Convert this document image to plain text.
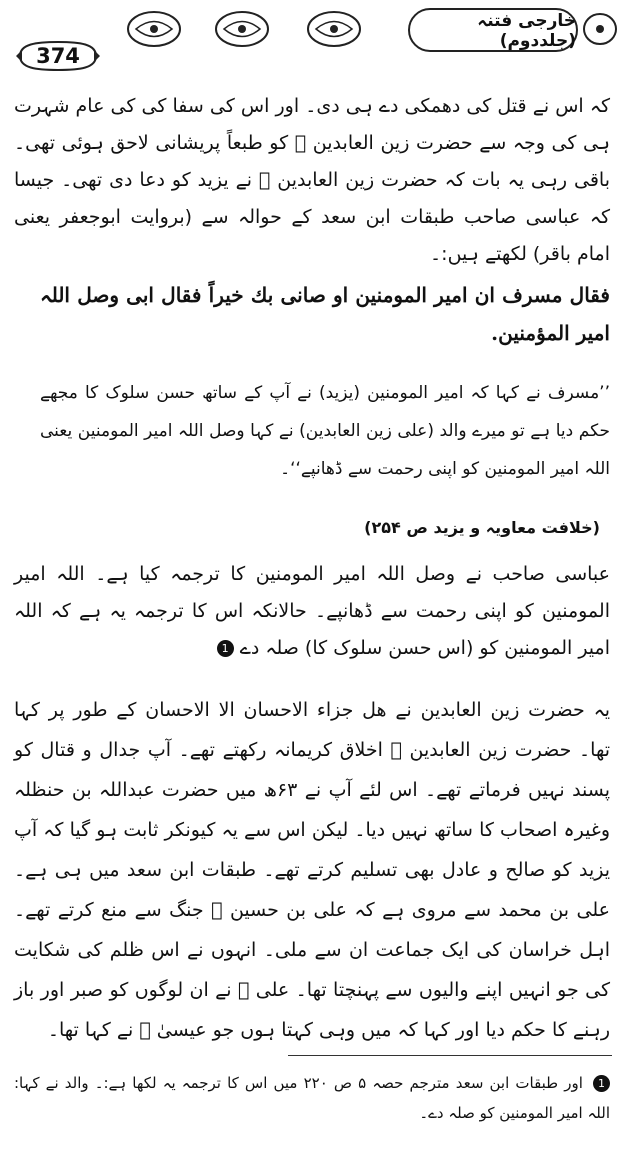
خارجی فتنہ (جلددوم)
374
کہ اس نے قتل کی دھمکی دے ہی دی۔ اور اس کی سفا کی کی عام شہرت ہی کی وجہ سے حضرت زین العابدین ﷫ کو طبعاً پریشانی لاحق ہوئی تھی۔ باقی رہی یہ بات کہ حضرت زین العابدین ﷫ نے یزید کو دعا دی تھی۔ جیسا کہ عباسی صاحب طبقات ابن سعد کے حوالہ سے (بروایت ابوجعفر یعنی امام باقر) لکھتے ہیں:۔
فقال مسرف ان امیر المومنین او صانی بك خیراً فقال ابی وصل اللہ امیر المؤمنین.
’’مسرف نے کہا کہ امیر المومنین (یزید) نے آپ کے ساتھ حسن سلوک کا مجھے حکم دیا ہے تو میرے والد (علی زین العابدین) نے کہا وصل اللہ امیر المومنین یعنی اللہ امیر المومنین کو اپنی رحمت سے ڈھانپے‘‘۔
(خلافت معاویہ و یزید ص ۲۵۴)
عباسی صاحب نے وصل اللہ امیر المومنین کا ترجمہ کیا ہے۔ اللہ امیر المومنین کو اپنی رحمت سے ڈھانپے۔ حالانکہ اس کا ترجمہ یہ ہے کہ اللہ امیر المومنین کو (اس حسن سلوک کا) صلہ دے 1
یہ حضرت زین العابدین نے ھل جزاء الاحسان الا الاحسان کے طور پر کہا تھا۔ حضرت زین العابدین ﷫ اخلاق کریمانہ رکھتے تھے۔ آپ جدال و قتال کو پسند نہیں فرماتے تھے۔ اس لئے آپ نے ۶۳ھ میں حضرت عبداللہ بن حنظلہ وغیرہ اصحاب کا ساتھ نہیں دیا۔ لیکن اس سے یہ کیونکر ثابت ہو گیا کہ آپ یزید کو صالح و عادل بھی تسلیم کرتے تھے۔ طبقات ابن سعد میں ہی ہے۔ علی بن محمد سے مروی ہے کہ علی بن حسین ﷜ جنگ سے منع کرتے تھے۔ اہل خراسان کی ایک جماعت ان سے ملی۔ انہوں نے اس ظلم کی شکایت کی جو انہیں اپنے والیوں سے پہنچتا تھا۔ علی ﷫ نے ان لوگوں کو صبر اور باز رہنے کا حکم دیا اور کہا کہ میں وہی کہتا ہوں جو عیسیٰ ﷤ نے کہا تھا۔
1 اور طبقات ابن سعد مترجم حصہ ۵ ص ۲۲۰ میں اس کا ترجمہ یہ لکھا ہے:۔ والد نے کہا: اللہ امیر المومنین کو صلہ دے۔
